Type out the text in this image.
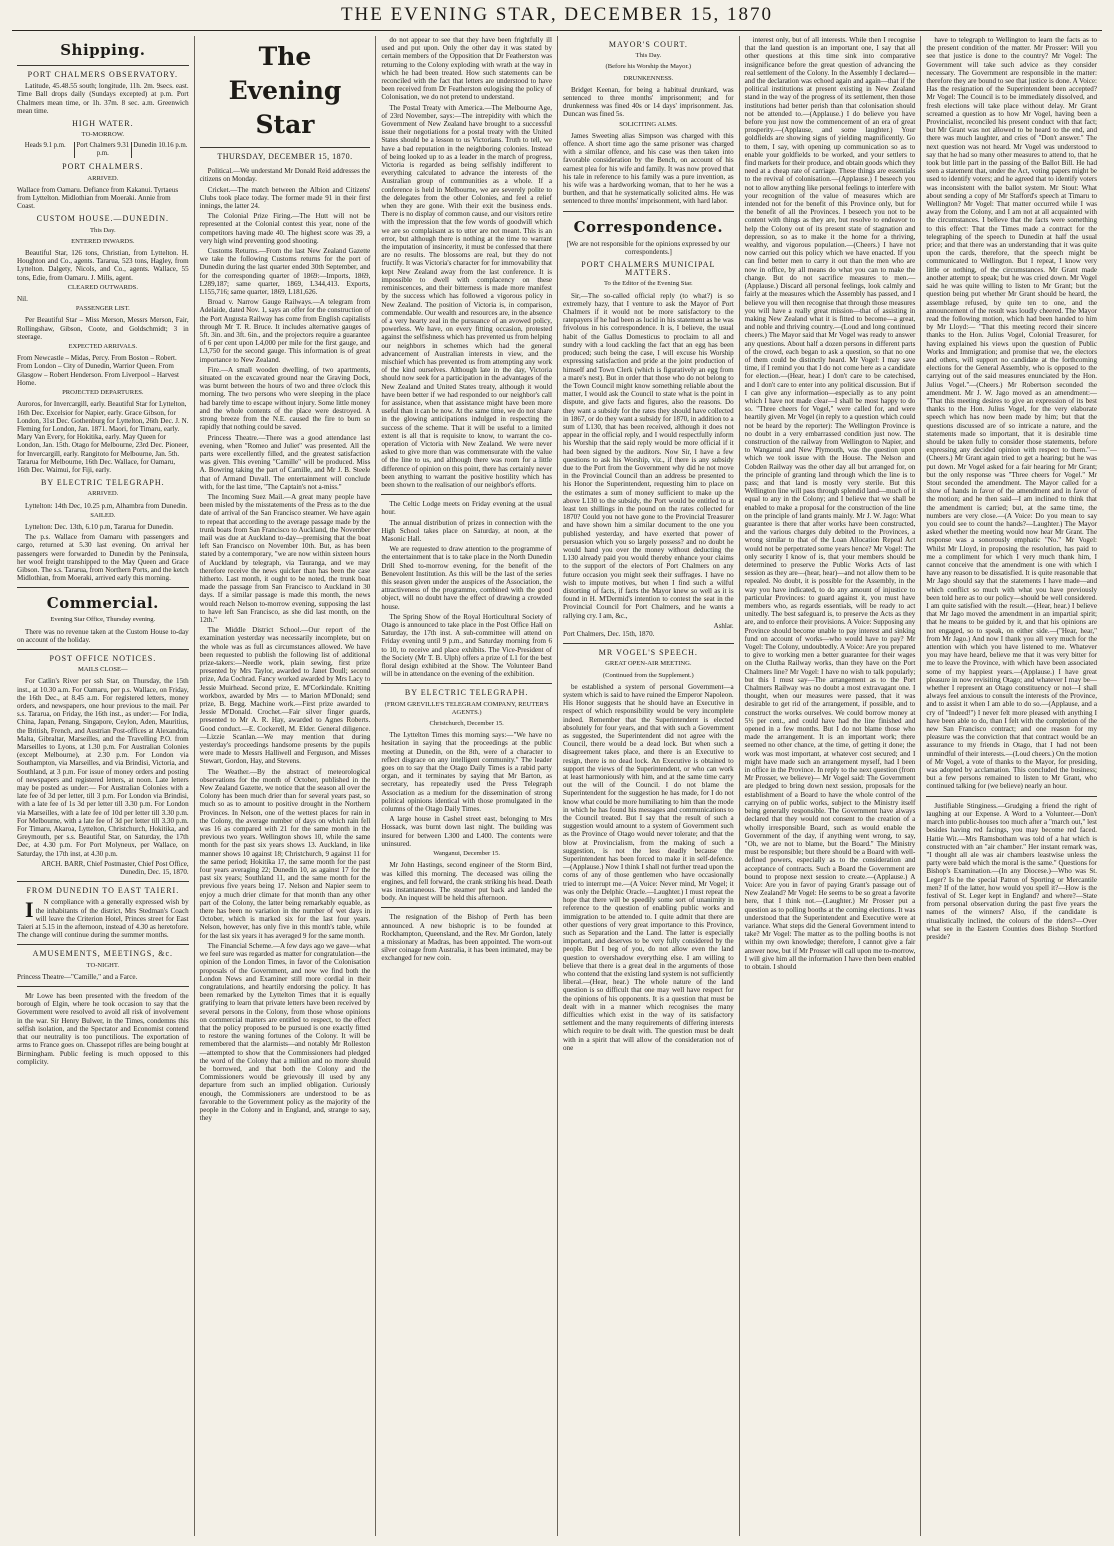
THE EVENING STAR, DECEMBER 15, 1870
Shipping.
PORT CHALMERS OBSERVATORY.

Latitude, 45.48.55 south; longitude, 11h. 2m. 9secs. east. Time Ball drops daily (Sundays excepted) at p.m. Port Chalmers mean time, or 1h. 37m. 8 sec. a.m. Greenwich mean time.

HIGH WATER.
TO-MORROW.
Heads 9.1 p.m.	Port Chalmers 9.31 p.m.
Dunedin 10.16 p.m.
PORT CHALMERS.
ARRIVED.

Wallace from Oamaru. Defiance from Kakanui. Tyrtaeus from Lyttelton. Midlothian from Moeraki. Annie from Coast.

CUSTOM HOUSE.—DUNEDIN.
This Day.
ENTERED INWARDS.

Beautiful Star, 126 tons, Christian, from Lyttelton. H. Houghton and Co., agents. Tararua, 523 tons, Hagley, from Lyttelton. Dalgety, Nicols, and Co., agents. Wallace, 55 tons, Edie, from Oamaru. J. Mills, agent.

CLEARED OUTWARDS.

Nil.

PASSENGER LIST.

Per Beautiful Star – Miss Merson, Messrs Merson, Fair, Rollingshaw, Gibson, Coote, and Goldschmidt; 3 in steerage.

EXPECTED ARRIVALS.

From Newcastle – Midas, Percy. From Boston – Robert. From London – City of Dunedin, Warrior Queen. From Glasgow – Robert Henderson. From Liverpool – Harvest Home.

PROJECTED DEPARTURES.

Auroros, for Invercargill, early. Beautiful Star for Lyttelton, 16th Dec. Excelsior for Napier, early. Grace Gibson, for London, 31st Dec. Gothenburg for Lyttelton, 26th Dec. J. N. Fleming for London, Jan. 1871. Maori, for Timaru, early. Mary Van Every, for Hokitika, early. May Queen for London, Jan. 15th. Otago for Melbourne, 23rd Dec. Pioneer, for Invercargill, early. Rangitoto for Melbourne, Jan. 5th. Tararua for Melbourne, 16th Dec. Wallace, for Oamaru, 16th Dec. Waimui, for Fiji, early.

BY ELECTRIC TELEGRAPH.
ARRIVED.

Lyttelton: 14th Dec, 10.25 p.m, Alhambra from Dunedin.

SAILED.

Lyttelton: Dec. 13th, 6.10 p.m, Tararua for Dunedin.

The p.s. Wallace from Oamaru with passengers and cargo, returned at 5.30 last evening. On arrival her passengers were forwarded to Dunedin by the Peninsula, her wool freight transhipped to the May Queen and Grace Gibson. The s.s. Tararua, from Northern Ports, and the ketch Midlothian, from Moeraki, arrived early this morning.

Commercial.
Evening Star Office, Thursday evening.

There was no revenue taken at the Custom House to-day on account of the holiday.

POST OFFICE NOTICES.
MAILS CLOSE—

For Catlin's River per ssh Star, on Thursday, the 15th inst., at 10.30 a.m. For Oamaru, per p.s. Wallace, on Friday, the 16th Dec., at 8.45 a.m. For registered letters, money orders, and newspapers, one hour previous to the mail. Per s.s. Tararua, on Friday, the 16th inst., as under:— For India, China, Japan, Penang, Singapore, Ceylon, Aden, Mauritius, the British, French, and Austrian Post-offices at Alexandria, Malta, Gibraltar, Marseilles, and the Travelling P.O. from Marseilles to Lyons, at 1.30 p.m. For Australian Colonies (except Melbourne), at 2.30 p.m. For London via Southampton, via Marseilles, and via Brindisi, Victoria, and Southland, at 3 p.m. For issue of money orders and posting of newspapers and registered letters, at noon. Late letters may be posted as under:— For Australian Colonies with a late fee of 3d per letter, till 3 p.m. For London via Brindisi, with a late fee of 1s 3d per letter till 3.30 p.m. For London via Marseilles, with a late fee of 10d per letter till 3.30 p.m. For Melbourne, with a late fee of 3d per letter till 3.30 p.m. For Timaru, Akaroa, Lyttelton, Christchurch, Hokitika, and Greymouth, per s.s. Beautiful Star, on Saturday, the 17th Dec, at 4.30 p.m. For Port Molyneux, per Wallace, on Saturday, the 17th inst, at 4.30 p.m.

ARCH. BARR, Chief Postmaster, Chief Post Office, Dunedin, Dec. 15, 1870.
FROM DUNEDIN TO EAST TAIERI.

I N compliance with a generally expressed wish by the inhabitants of the district, Mrs Stedman's Coach will leave the Criterion Hotel, Princes street for East Taieri at 5.15 in the afternoon, instead of 4.30 as heretofore. The change will continue during the summer months.

AMUSEMENTS, MEETINGS, &c.
TO-NIGHT.

Princess Theatre—"Camille," and a Farce.

Mr Lowe has been presented with the freedom of the borough of Elgin, where he took occasion to say that the Government were resolved to avoid all risk of involvement in the war. Sir Henry Bulwer, in the Times, condemns this selfish isolation, and the Spectator and Economist contend that our neutrality is too punctilious. The exportation of arms to France goes on. Chassepot rifles are being bought at Birmingham. Public feeling is much opposed to this complicity.

The Evening Star
THURSDAY, DECEMBER 15, 1870.

Political.—We understand Mr Donald Reid addresses the citizens on Monday.

Cricket.—The match between the Albion and Citizens' Clubs took place today. The former made 91 in their first innings, the latter 24.

The Colonial Prize Firing.—The Hutt will not be represented at the Colonial contest this year, none of the competitors having made 40. The highest score was 39, a very high wind preventing good shooting.

Customs Returns.—From the last New Zealand Gazette we take the following Customs returns for the port of Dunedin during the last quarter ended 30th September, and for the corresponding quarter of 1869:—Imports, 1869, L289,187; same quarter, 1869, L344,413. Exports, L155,716; same quarter, 1869, L181,626.

Broad v. Narrow Gauge Railways.—A telegram from Adelaide, dated Nov. 1, says an offer for the construction of the Port Augusta Railway has come from English capitalists through Mr T. R. Bruce. It includes alternative gauges of 5ft. 3in. and 3ft. 6in., and the projectors require a guarantee of 6 per cent upon L4,000 per mile for the first gauge, and L3,750 for the second gauge. This information is of great importance to New Zealand.

Fire.—A small wooden dwelling, of two apartments, situated on the excavated ground near the Graving Dock, was burnt between the hours of two and three o'clock this morning. The two persons who were sleeping in the place had barely time to escape without injury. Some little money and the whole contents of the place were destroyed. A strong breeze from the N.E. caused the fire to burn so rapidly that nothing could be saved.

Princess Theatre.—There was a good attendance last evening, when "Romeo and Juliet" was presented. All the parts were excellently filled, and the greatest satisfaction was given. This evening "Camille" will be produced. Miss A. Bowring taking the part of Camille, and Mr J. B. Steele that of Armand Duvall. The entertainment will conclude with, for the last time, "The Captain's not a-miss."

The Incoming Suez Mail.—A great many people have been misled by the misstatements of the Press as to the due date of arrival of the San Francisco steamer. We have again to repeat that according to the average passage made by the trunk boats from San Francisco to Auckland, the November mail was due at Auckland to-day—premising that the boat left San Francisco on November 10th. But, as has been stated by a contemporary, "we are now within sixteen hours of Auckland by telegraph, via Tauranga, and we may therefore receive the news quicker than has been the case hitherto. Last month, it ought to be noted, the trunk boat made the passage from San Francisco to Auckland in 30 days. If a similar passage is made this month, the news would reach Nelson to-morrow evening, supposing the last to have left San Francisco, as she did last month, on the 12th."

The Middle District School.—Our report of the examination yesterday was necessarily incomplete, but on the whole was as full as circumstances allowed. We have been requested to publish the following list of additional prize-takers:—Needle work, plain sewing, first prize presented by Mrs Taylor, awarded to Janet Doull; second prize, Ada Cochrad. Fancy worked awarded by Mrs Lacy to Jessie Muirhead. Second prize, E. M'Corkindale. Knitting workbox, awarded by Mrs — to Marion M'Donald; send prize, B. Begg. Machine work.—First prize awarded to Jessie M'Donald. Crochet.—Fair silver finger guards, presented to Mr A. R. Hay, awarded to Agnes Roberts. Good conduct.—E. Cockerell, M. Elder. General diligence.—Lizzie Scanlan.—We may mention that during yesterday's proceedings handsome presents by the pupils were made to Messrs Halliwell and Ferguson, and Misses Stewart, Gordon, Hay, and Stevens.

The Weather.—By the abstract of meteorological observations for the month of October, published in the New Zealand Gazette, we notice that the season all over the Colony has been much drier than for several years past, so much so as to amount to positive drought in the Northern Provinces. In Nelson, one of the wettest places for rain in the Colony, the average number of days on which rain fell was 16 as compared with 21 for the same month in the previous two years. Wellington shows 10, while the same month for the past six years shows 13. Auckland, in like manner shows 10 against 18; Christchurch, 9 against 11 for the same period; Hokitika 17, the same month for the past four years averaging 22; Dunedin 10, as against 17 for the past six years; Southland 11, and the same month for the previous five years being 17. Nelson and Napier seem to enjoy a much drier climate for that month than any other part of the Colony, the latter being remarkably equable, as there has been no variation in the number of wet days in October, which is marked six for the last four years. Nelson, however, has only five in this month's table, while for the last six years it has averaged 9 for the same month.

The Financial Scheme.—A few days ago we gave—what we feel sure was regarded as matter for congratulation—the opinion of the London Times, in favor of the Colonisation proposals of the Government, and now we find both the London News and Examiner still more cordial in their congratulations, and heartily endorsing the policy. It has been remarked by the Lyttelton Times that it is equally gratifying to learn that private letters have been received by several persons in the Colony, from those whose opinions on commercial matters are entitled to respect, to the effect that the policy proposed to be pursued is one exactly fitted to restore the waning fortunes of the Colony. It will be remembered that the alarmists—and notably Mr Rolleston—attempted to show that the Commissioners had pledged the word of the Colony that a million and no more should be borrowed, and that both the Colony and the Commissioners would be grievously ill used by any departure from such an implied obligation. Curiously enough, the Commissioners are understood to be as favorable to the Government policy as the majority of the people in the Colony and in England, and, strange to say, they

do not appear to see that they have been frightfully ill used and put upon. Only the other day it was stated by certain members of the Opposition that Dr Featherston was returning to the Colony exploding with wrath at the way in which he had been treated. How such statements can be reconciled with the fact that letters are understood to have been received from Dr Featherston eulogising the policy of Colonisation, we do not pretend to understand.

The Postal Treaty with America.—The Melbourne Age, of 23rd November, says:—The intrepidity with which the Government of New Zealand have brought to a successful issue their negotiations for a postal treaty with the United States should be a lesson to us Victorians. Truth to tell, we have a bad reputation in the neighboring colonies. Instead of being looked up to as a leader in the march of progress, Victoria is regarded as being selfishly indifferent to everything calculated to advance the interests of the Australian group of communities as a whole. If a conference is held in Melbourne, we are severely polite to the delegates from the other Colonies, and feel a relief when they are gone. With their exit the business ends. There is no display of common cause, and our visitors retire with the impression that the few words of goodwill which we are so complaisant as to utter are not meant. This is an error, but although there is nothing at the time to warrant the imputation of insincerity, it must be confessed that there are no results. The blossoms are real, but they do not fructify. It was Victoria's character for for immovability that kept New Zealand away from the last conference. It is impossible to dwell with complacency on these reminiscences, and their bitterness is made more manifest by the success which has followed a vigorous policy in New Zealand. The position of Victoria is, in comparison, commendable. Our wealth and resources are, in the absence of a very hearty zeal in the pursuance of an avowed policy, powerless. We have, on every fitting occasion, protested against the selfishness which has prevented us from helping our neighbors in schemes which had the general advancement of Australian interests in view, and the mischief which has prevented us from attempting any work of the kind ourselves. Although late in the day, Victoria should now seek for a participation in the advantages of the New Zealand and United States treaty, although it would have been better if we had responded to our neighbor's call for assistance, when that assistance might have been more useful than it can be now. At the same time, we do not share in the glowing anticipations indulged in respecting the success of the scheme. That it will be useful to a limited extent is all that is requisite to know, to warrant the co-operation of Victoria with New Zealand. We were never asked to give more than was commensurate with the value of the line to us, and although there was room for a little difference of opinion on this point, there has certainly never been anything to warrant the positive hostility which has been shown to the realisation of our neighbor's efforts.

The Celtic Lodge meets on Friday evening at the usual hour.

The annual distribution of prizes in connection with the High School takes place on Saturday, at noon, at the Masonic Hall.

We are requested to draw attention to the programme of the entertainment that is to take place in the North Dunedin Drill Shed to-morrow evening, for the benefit of the Benevolent Institution. As this will be the last of the series this season given under the auspices of the Association, the attractiveness of the programme, combined with the good object, will no doubt have the effect of drawing a crowded house.

The Spring Show of the Royal Horticultural Society of Otago is announced to take place in the Post Office Hall on Saturday, the 17th inst. A sub-committee will attend on Friday evening until 9 p.m., and Saturday morning from 6 to 10, to receive and place exhibits. The Vice-President of the Society (Mr T. B. Ulph) offers a prize of L1 for the best floral design exhibited at the Show. The Volunteer Band will be in attendance on the evening of the exhibition.

BY ELECTRIC TELEGRAPH.
(FROM GREVILLE'S TELEGRAM COMPANY, REUTER'S AGENTS.)
Christchurch, December 15.

The Lyttelton Times this morning says:—"We have no hesitation in saying that the proceedings at the public meeting at Dunedin, on the 8th, were of a character to reflect disgrace on any intelligent community." The leader goes on to say that the Otago Daily Times is a rabid party organ, and it terminates by saying that Mr Barton, as secretary, has repeatedly used the Press Telegraph Association as a medium for the dissemination of strong political opinions identical with those promulgated in the columns of the Otago Daily Times.

A large house in Cashel street east, belonging to Mrs Hossack, was burnt down last night. The building was insured for between L300 and L400. The contents were uninsured.

Wanganui, December 15.

Mr John Hastings, second engineer of the Storm Bird, was killed this morning. The deceased was oiling the engines, and fell forward, the crank striking his head. Death was instantaneous. The steamer put back and landed the body. An inquest will be held this afternoon.

The resignation of the Bishop of Perth has been announced. A new bishopric is to be founded at Rockhampton, Queensland, and the Rev. Mr Gordon, lately a missionary at Madras, has been appointed. The worn-out silver coinage from Australia, it has been intimated, may be exchanged for new coin.

MAYOR'S COURT.
This Day.
(Before his Worship the Mayor.)
DRUNKENNESS.

Bridget Keenan, for being a habitual drunkard, was sentenced to three months' imprisonment; and for drunkenness was fined 40s or 14 days' imprisonment. Jas. Duncan was fined 5s.

SOLICITING ALMS.

James Sweeting alias Simpson was charged with this offence. A short time ago the same prisoner was charged with a similar offence, and his case was then taken into favorable consideration by the Bench, on account of his earnest plea for his wife and family. It was now proved that his tale in reference to his family was a pure invention, as his wife was a hardworking woman, that to her he was a burthen, and that he systematically solicited alms. He was sentenced to three months' imprisonment, with hard labor.

Correspondence.

[We are not responsible for the opinions expressed by our correspondents.]

PORT CHALMERS MUNICIPAL MATTERS.
To the Editor of the Evening Star.

Sir,—The so-called official reply (to what?) is so extremely hazy, that I venture to ask the Mayor of Port Chalmers if it would not be more satisfactory to the ratepayers if he had been as lucid in his statement as he was frivolous in his correspondence. It is, I believe, the usual habit of the Gallus Domesticus to proclaim to all and sundry with a loud cackling the fact that an egg has been produced; such being the case, I will excuse his Worship expressing satisfaction and pride at the joint production of himself and Town Clerk (which is figuratively an egg from a mare's nest). But in order that those who do not belong to the Town Council might know something reliable about the matter, I would ask the Council to state what is the point in dispute, and give facts and figures, also the reasons. Do they want a subsidy for the rates they should have collected in 1867, or do they want a subsidy for 1870, in addition to a sum of L130, that has been received, although it does not appear in the official reply, and I would respectfully inform his Worship that the said reply would be more official if it had been signed by the auditors. Now Sir, I have a few questions to ask his Worship, viz., if there is any subsidy due to the Port from the Government why did he not move in the Provincial Council than an address be presented to his Honor the Superintendent, requesting him to place on the estimates a sum of money sufficient to make up the above L130 to the subsidy, the Port would be entitled to at least ten shillings in the pound on the rates collected for 1870? Could you not have gone to the Provincial Treasurer and have shown him a similar document to the one you published yesterday, and have exerted that power of persuasion which you so largely possess? and no doubt he would hand you over the money without deducting the L130 already paid you would thereby enhance your claims to the support of the electors of Port Chalmers on any future occasion you might seek their suffrages. I have no wish to impute motives, but when I find such a wilful distorting of facts, if facts the Mayor knew so well as it is found in H. M'Dermid's intention to contest the seat in the Provincial Council for Port Chalmers, and he wants a rallying cry. I am, &c.,

Ashlar.

Port Chalmers, Dec. 15th, 1870.

MR VOGEL'S SPEECH.
GREAT OPEN-AIR MEETING.
(Continued from the Supplement.)

be established a system of personal Government—a system which is said to have ruined the Emperor Napoleon. His Honor suggests that he should have an Executive in respect of which responsibility would be very incomplete indeed. Remember that the Superintendent is elected absolutely for four years, and that with such a Government as suggested, the Superintendent did not agree with the Council, there would be a dead lock. But when such a disagreement takes place, and there is an Executive to resign, there is no dead lock. An Executive is obtained to support the views of the Superintendent, or who can work at least harmoniously with him, and at the same time carry out the will of the Council. I do not blame the Superintendent for the suggestion he has made, for I do not know what could be more humiliating to him than the mode in which he has found his messages and communications to the Council treated. But I say that the result of such a suggestion would amount to a system of Government such as the Province of Otago would never tolerate; and that the blow at Provincialism, from the making of such a suggestion, is not the less deadly because the Superintendent has been forced to make it in self-defence.—(Applause.) Now I think I shall not further tread upon the corns of any of those gentlemen who have occasionally tried to interrupt me.—(A Voice: Never mind, Mr Vogel; it was only the Delphic Oracle.—Laughter.) I must repeat the hope that there will be speedily some sort of unanimity in reference to the question of enabling public works and immigration to be attended to. I quite admit that there are other questions of very great importance to this Province, such as Separation and the Land. The latter is especially important, and deserves to be very fully considered by the people. But I beg of you, do not allow even the land question to overshadow everything else. I am willing to believe that there is a great deal in the arguments of those who contend that the existing land system is not sufficiently liberal.—(Hear, hear.) The whole nature of the land question is so difficult that one may well have respect for the opinions of his opponents. It is a question that must be dealt with in a manner which recognises the many difficulties which exist in the way of its satisfactory settlement and the many requirements of differing interests which require to be dealt with. The question must be dealt with in a spirit that will allow of the consideration not of one

interest only, but of all interests. While then I recognise that the land question is an important one, I say that all other questions at this time sink into comparative insignificance before the great question of advancing the real settlement of the Colony. In the Assembly I declared—and the declaration was echoed again and again—that if the political institutions at present existing in New Zealand stand in the way of the progress of its settlement, then those institutions had better perish than that colonisation should not be attended to.—(Applause.) I do believe you have before you just now the commencement of an era of great prosperity.—(Applause, and some laughter.) Your goldfields are showing signs of yielding magnificently. Go to them, I say, with opening up communication so as to enable your goldfields to be worked, and your settlers to find markets for their produce, and obtain goods which they need at a cheap rate of carriage. These things are essentials to the revival of colonisation.—(Applause.) I beseech you not to allow anything like personal feelings to interfere with your recognition of the value of measures which are intended not for the benefit of this Province only, but for the benefit of all the Provinces. I beseech you not to be content with things as they are, but resolve to endeavor to help the Colony out of its present state of stagnation and depression, so as to make it the home for a thriving, wealthy, and vigorous population.—(Cheers.) I have not now carried out this policy which we have enacted. If you can find better men to carry it out than the men who are now in office, by all means do what you can to make the change. But do not sacrifice measures to men.—(Applause.) Discard all personal feelings, look calmly and fairly at the measures which the Assembly has passed, and I believe you will then recognise that through those measures you will have a really great mission—that of assisting in making New Zealand what it is fitted to become—a great, and noble and thriving country.—(Loud and long continued cheers.) The Mayor said that Mr Vogel was ready to answer any questions. About half a dozen persons in different parts of the crowd, each began to ask a question, so that no one of them could be distinctly heard. Mr Vogel: I may save time, if I remind you that I do not come here as a candidate for election.—(Hear, hear.) I don't care to be catechised, and I don't care to enter into any political discussion. But if I can give any information—especially as to any point which I have not made clear—I shall be most happy to do so. "Three cheers for Vogel," were called for, and were heartily given. Mr Vogel (in reply to a question which could not be heard by the reporter): The Wellington Province is no doubt in a very embarrassed condition just now. The construction of the railway from Wellington to Napier, and to Wanganui and New Plymouth, was the question upon which we took issue with the House. The Nelson and Cobden Railway was the other day all but arranged for, on the principle of granting land through which the line is to pass; and that land is mostly very sterile. But this Wellington line will pass through splendid land—much of it equal to any in the Colony; and I believe that we shall be enabled to make a proposal for the construction of the line on the principle of land grants mainly. Mr J. W. Jago: What guarantee is there that after works have been constructed, and the various charges duly debited to the Provinces, a wrong similar to that of the Loan Allocation Repeal Act would not be perpetrated some years hence? Mr Vogel: The only security I know of is, that your members should be determined to preserve the Public Works Acts of last session as they are—(hear, hear)—and not allow them to be repealed. No doubt, it is possible for the Assembly, in the way you have indicated, to do any amount of injustice to particular Provinces: to guard against it, you must have members who, as regards essentials, will be ready to act unitedly. The best safeguard is, to preserve the Acts as they are, and to enforce their provisions. A Voice: Supposing any Province should become unable to pay interest and sinking fund on account of works—who would have to pay? Mr Vogel: The Colony, undoubtedly. A Voice: Are you prepared to give to working men a better guarantee for their wages on the Clutha Railway works, than they have on the Port Chalmers line? Mr Vogel: I have no wish to talk popularly; but this I must say—The arrangement as to the Port Chalmers Railway was no doubt a most extravagant one. I thought, when our measures were passed, that it was desirable to get rid of the arrangement, if possible, and to construct the works ourselves. We could borrow money at 5½ per cent., and could have had the line finished and opened in a few months. But I do not blame those who made the arrangement. It is an important work; there seemed no other chance, at the time, of getting it done; the work was most important, at whatever cost secured; and I might have made such an arrangement myself, had I been in office in the Province. In reply to the next question (from Mr Prosser, we believe)— Mr Vogel said: The Government are pledged to bring down next session, proposals for the establishment of a Board to have the whole control of the carrying on of public works, subject to the Ministry itself being generally responsible. The Government have always declared that they would not consent to the creation of a wholly irresponsible Board, such as would enable the Government of the day, if anything went wrong, to say, "Oh, we are not to blame, but the Board." The Ministry must be responsible; but there should be a Board with well-defined powers, especially as to the consideration and acceptance of contracts. Such a Board the Government are bound to propose next session to create.—(Applause.) A Voice: Are you in favor of paying Grant's passage out of New Zealand? Mr Vogel: He seems to be so great a favorite here, that I think not.—(Laughter.) Mr Prosser put a question as to polling booths at the coming elections. It was understood that the Superintendent and Executive were at variance. What steps did the General Government intend to take? Mr Vogel: The matter as to the polling booths is not within my own knowledge; therefore, I cannot give a fair answer now, but if Mr Prosser will call upon me to-morrow, I will give him all the information I have then been enabled to obtain. I should

have to telegraph to Wellington to learn the facts as to the present condition of the matter. Mr Prosser: Will you see that justice is done to the country? Mr Vogel: The Government will take such advice as they consider necessary. The Government are responsible in the matter: therefore they are bound to see that justice is done. A Voice: Has the resignation of the Superintendent been accepted? Mr Vogel: The Council is to be immediately dissolved, and fresh elections will take place without delay. Mr Grant screamed a question as to how Mr Vogel, having been a Provincialist, reconciled his present conduct with that fact; but Mr Grant was not allowed to be heard to the end, and there was much laughter, and cries of "Don't answer." The next question was not heard. Mr Vogel was understood to say that he had so many other measures to attend to, that he took but little part in the passing of the Ballot Bill. He had seen a statement that, under the Act, voting papers might be used to identify voters; and he agreed that to identify voters was inconsistent with the ballot system. Mr Stout: What about sending a copy of Mr Stafford's speech at Timaru to Wellington? Mr Vogel: That matter occurred while I was away from the Colony, and I am not at all acquainted with the circumstances. I believe that the facts were something to this effect: That the Times made a contract for the telegraphing of the speech to Dunedin at half the usual price; and that there was an understanding that it was quite upon the cards, therefore, that the speech might be communicated to Wellington. But I repeat, I know very little or nothing, of the circumstances. Mr Grant made another attempt to speak; but he was cried down. Mr Vogel said he was quite willing to listen to Mr Grant; but the question being put whether Mr Grant should be heard, the assemblage refused, by quite ten to one, and the announcement of the result was loudly cheered. The Mayor read the following motion, which had been handed to him by Mr Lloyd:— "That this meeting record their sincere thanks to the Hon. Julius Vogel, Colonial Treasurer, for having explained his views upon the question of Public Works and Immigration; and promise that we, the electors and others, will support no candidate at the forthcoming elections for the General Assembly, who is opposed to the carrying out of the said measures enunciated by the Hon. Julius Vogel."—(Cheers.) Mr Robertson seconded the amendment. Mr J. W. Jago moved as an amendment:— "That this meeting desires to give an expression of its best thanks to the Hon. Julius Vogel, for the very elaborate speech which has now been made by him; but that the questions discussed are of so intricate a nature, and the statements made so important, that it is desirable time should be taken fully to consider those statements, before expressing any decided opinion with respect to them."—(Cheers.) Mr Grant again tried to get a hearing; but he was put down. Mr Vogel asked for a fair hearing for Mr Grant; but the only response was "Three cheers for Vogel." Mr Stout seconded the amendment. The Mayor called for a show of hands in favor of the amendment and in favor of the motion; and he then said—I am inclined to think that the amendment is carried; but, at the same time, the numbers are very close.—(A Voice: Do you mean to say you could see to count the hands?—Laughter.) The Mayor asked whether the meeting would now hear Mr Grant. The response was a sonorously emphatic "No." Mr Vogel: Whilst Mr Lloyd, in proposing the resolution, has paid to me a compliment for which I very much thank him, I cannot conceive that the amendment is one with which I have any reason to be dissatisfied. It is quite reasonable that Mr Jago should say that the statements I have made—and which conflict so much with what you have previously been told here as to our policy—should be well considered. I am quite satisfied with the result.—(Hear, hear.) I believe that Mr Jago moved the amendment in an impartial spirit; that he means to be guided by it, and that his opinions are not engaged, so to speak, on either side.—("Hear, hear," from Mr Jago.) And now I thank you all very much for the attention with which you have listened to me. Whatever you may have heard, believe me that it was very bitter for me to leave the Province, with which have been associated some of my happiest years.—(Applause.) I have great pleasure in now revisiting Otago; and whatever I may be—whether I represent an Otago constituency or not—I shall always feel anxious to consult the interests of the Province, and to assist it when I am able to do so.—(Applause, and a cry of "Indeed!") I never felt more pleased with anything I have been able to do, than I felt with the completion of the new San Francisco contract; and one reason for my pleasure was the conviction that that contract would be an assurance to my friends in Otago, that I had not been unmindful of their interests.—(Loud cheers.) On the motion of Mr Vogel, a vote of thanks to the Mayor, for presiding, was adopted by acclamation. This concluded the business; but a few persons remained to listen to Mr Grant, who continued talking for (we believe) nearly an hour.

Justifiable Stinginess.—Grudging a friend the right of laughing at our Expense. A Word to a Volunteer.—Don't march into public-houses too much after a "march out," lest besides having red facings, you may become red faced. Hattie Wit.—Mrs Ramsbotham was told of a hat which is constructed with an "air chamber." Her instant remark was, "I thought all ale was air chambers leastwise unless the party were bald which the moral is the same." Questions for Bishop's Examination.—(In any Diocese.)—Who was St. Leger? Is he the special Patron of Sporting or Mercantile men? If of the latter, how would you spell it?—How is the festival of St. Leger kept in England? and where?—State from personal observation during the past five years the names of the winners? Also, if the candidate is ritualistically inclined, the colours of the riders?—Over what see in the Eastern Counties does Bishop Stortford preside?
